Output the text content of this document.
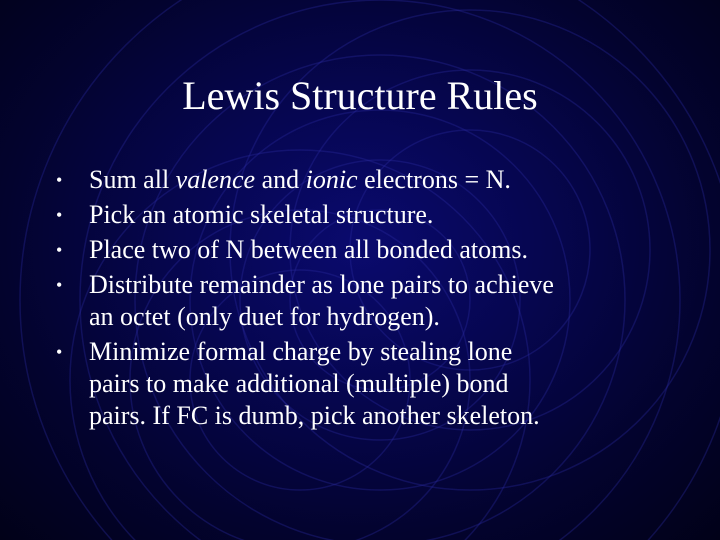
Lewis Structure Rules
• Sum all valence and ionic electrons = N.
• Pick an atomic skeletal structure.
• Place two of N between all bonded atoms.
• Distribute remainder as lone pairs to achieve
an octet (only duet for hydrogen).
• Minimize formal charge by stealing lone
pairs to make additional (multiple) bond
pairs. If FC is dumb, pick another skeleton.
